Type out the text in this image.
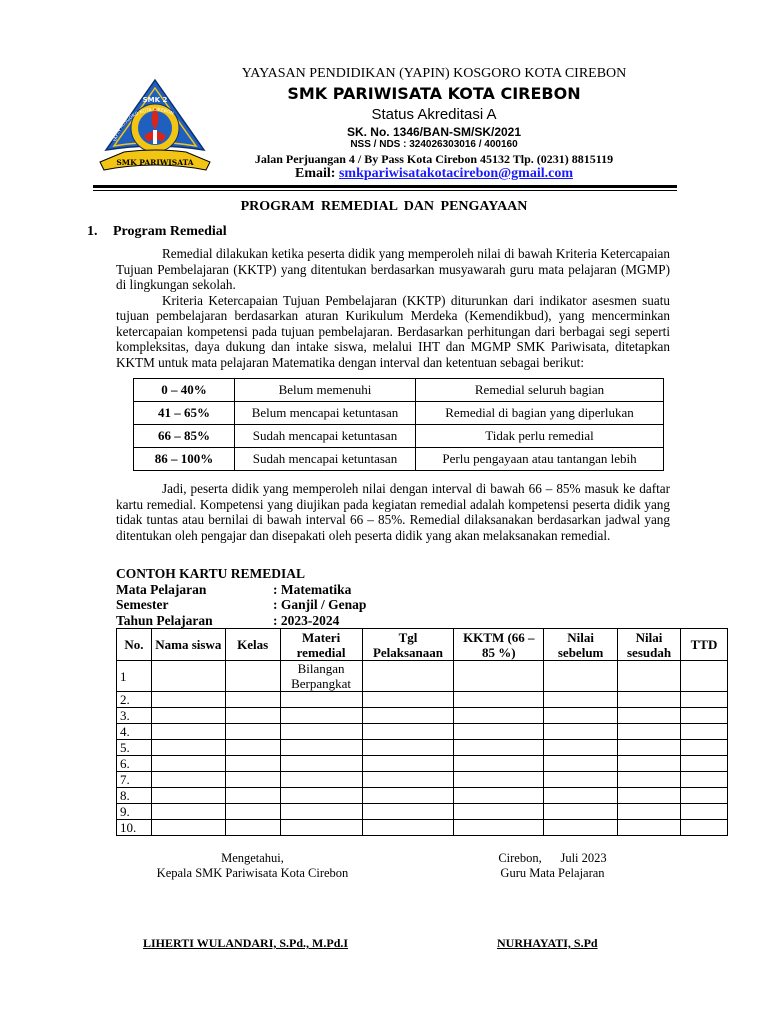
SMK 2
YAPIN KOSGORO KOTA CIREBON
SMK PARIWISATA
YAYASAN PENDIDIKAN (YAPIN) KOSGORO KOTA CIREBON
SMK PARIWISATA KOTA CIREBON
Status Akreditasi A
SK. No. 1346/BAN-SM/SK/2021
NSS / NDS : 324026303016 / 400160
Jalan Perjuangan 4 / By Pass Kota Cirebon 45132 Tlp. (0231) 8815119
Email: smkpariwisatakotacirebon@gmail.com
PROGRAM REMEDIAL DAN PENGAYAAN
1. Program Remedial

Remedial dilakukan ketika peserta didik yang memperoleh nilai di bawah Kriteria Ketercapaian Tujuan Pembelajaran (KKTP) yang ditentukan berdasarkan musyawarah guru mata pelajaran (MGMP) di lingkungan sekolah.

Kriteria Ketercapaian Tujuan Pembelajaran (KKTP) diturunkan dari indikator asesmen suatu tujuan pembelajaran berdasarkan aturan Kurikulum Merdeka (Kemendikbud), yang mencerminkan ketercapaian kompetensi pada tujuan pembelajaran. Berdasarkan perhitungan dari berbagai segi seperti kompleksitas, daya dukung dan intake siswa, melalui IHT dan MGMP SMK Pariwisata, ditetapkan KKTM untuk mata pelajaran Matematika dengan interval dan ketentuan sebagai berikut:

0 – 40%	Belum memenuhi	Remedial seluruh bagian
41 – 65%	Belum mencapai ketuntasan	Remedial di bagian yang diperlukan
66 – 85%	Sudah mencapai ketuntasan	Tidak perlu remedial
86 – 100%	Sudah mencapai ketuntasan	Perlu pengayaan atau tantangan lebih

Jadi, peserta didik yang memperoleh nilai dengan interval di bawah 66 – 85% masuk ke daftar kartu remedial. Kompetensi yang diujikan pada kegiatan remedial adalah kompetensi peserta didik yang tidak tuntas atau bernilai di bawah interval 66 – 85%. Remedial dilaksanakan berdasarkan jadwal yang ditentukan oleh pengajar dan disepakati oleh peserta didik yang akan melaksanakan remedial.

CONTOH KARTU REMEDIAL
Mata Pelajaran	: Matematika
Semester	: Ganjil / Genap
Tahun Pelajaran	: 2023-2024
No.	Nama siswa	Kelas	Materi remedial	Tgl Pelaksanaan	KKTM (66 – 85 %)	Nilai sebelum	Nilai sesudah	TTD
1			Bilangan Berpangkat					
2.								
3.								
4.								
5.								
6.								
7.								
8.								
9.								
10.								
Mengetahui,
Kepala SMK Pariwisata Kota Cirebon
Cirebon,      Juli 2023
Guru Mata Pelajaran
LIHERTI WULANDARI, S.Pd., M.Pd.I	NURHAYATI, S.Pd
